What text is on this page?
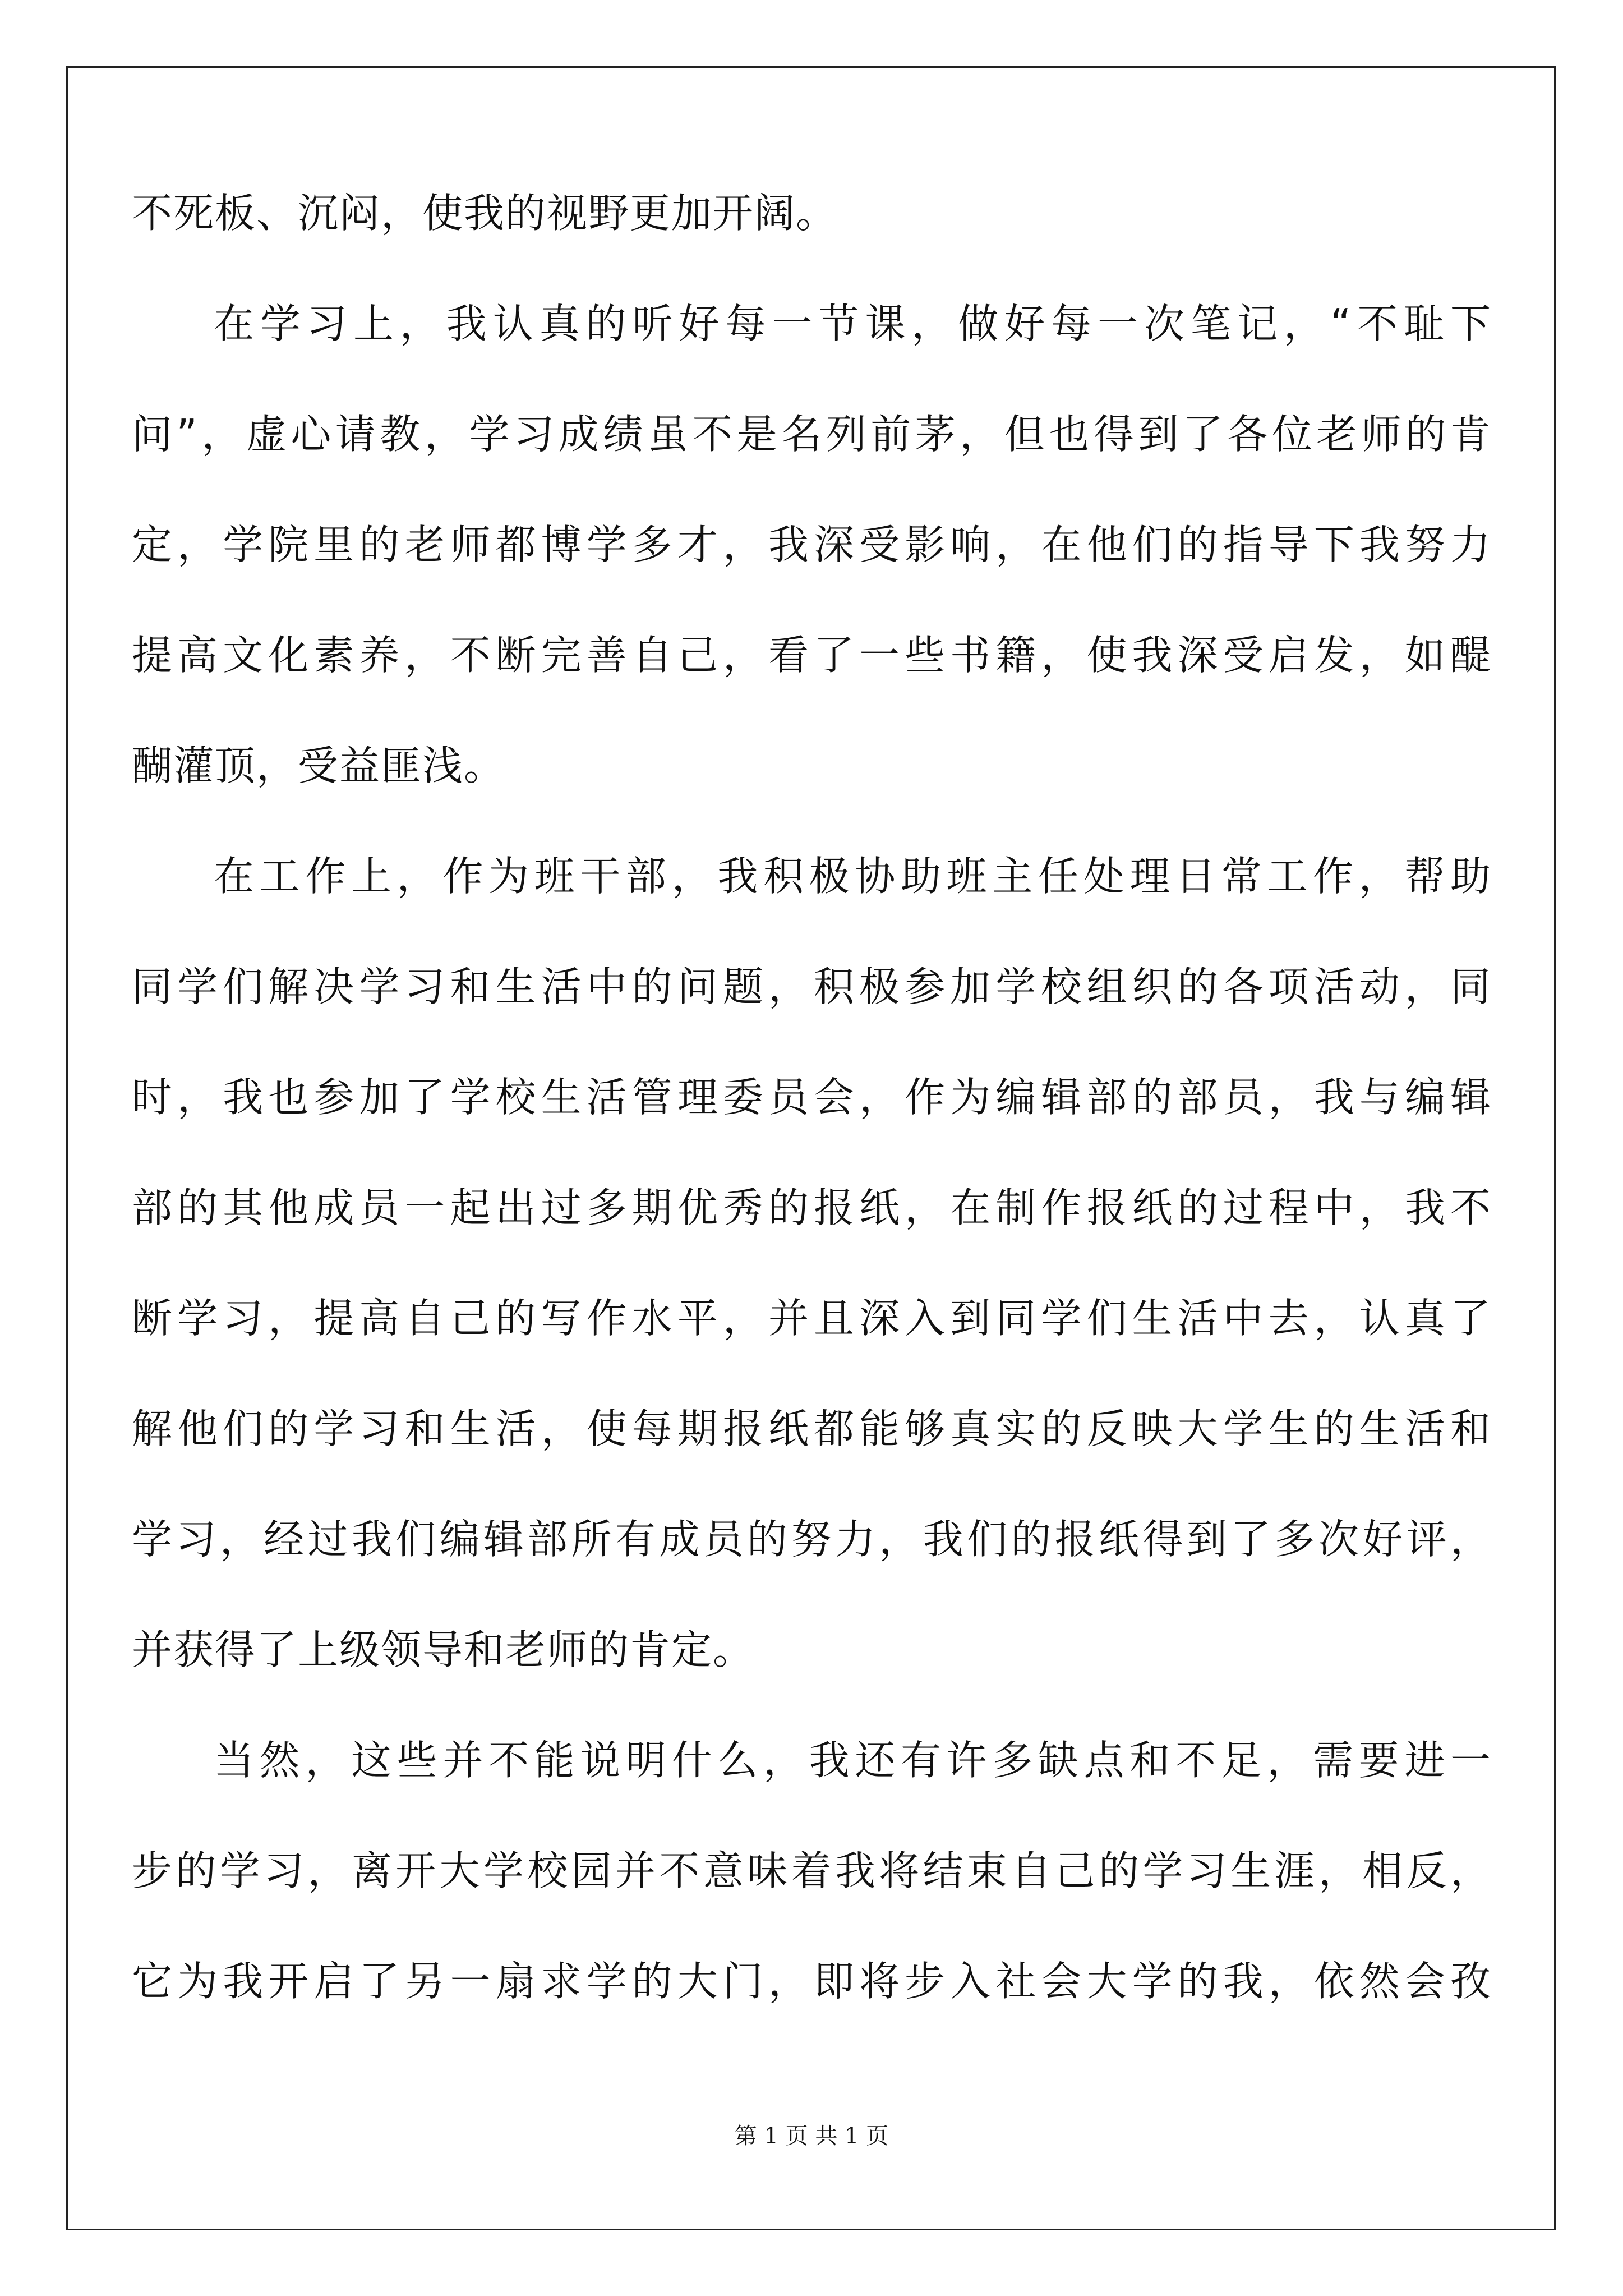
不死板、沉闷，使我的视野更加开阔。
在学习上，我认真的听好每一节课，做好每一次笔记，“不耻下
问”，虚心请教，学习成绩虽不是名列前茅，但也得到了各位老师的肯
定，学院里的老师都博学多才，我深受影响，在他们的指导下我努力
提高文化素养，不断完善自己，看了一些书籍，使我深受启发，如醍
醐灌顶，受益匪浅。
在工作上，作为班干部，我积极协助班主任处理日常工作，帮助
同学们解决学习和生活中的问题，积极参加学校组织的各项活动，同
时，我也参加了学校生活管理委员会，作为编辑部的部员，我与编辑
部的其他成员一起出过多期优秀的报纸，在制作报纸的过程中，我不
断学习，提高自己的写作水平，并且深入到同学们生活中去，认真了
解他们的学习和生活，使每期报纸都能够真实的反映大学生的生活和
学习，经过我们编辑部所有成员的努力，我们的报纸得到了多次好评，
并获得了上级领导和老师的肯定。
当然，这些并不能说明什么，我还有许多缺点和不足，需要进一
步的学习，离开大学校园并不意味着我将结束自己的学习生涯，相反，
它为我开启了另一扇求学的大门，即将步入社会大学的我，依然会孜
第 1 页 共 1 页
